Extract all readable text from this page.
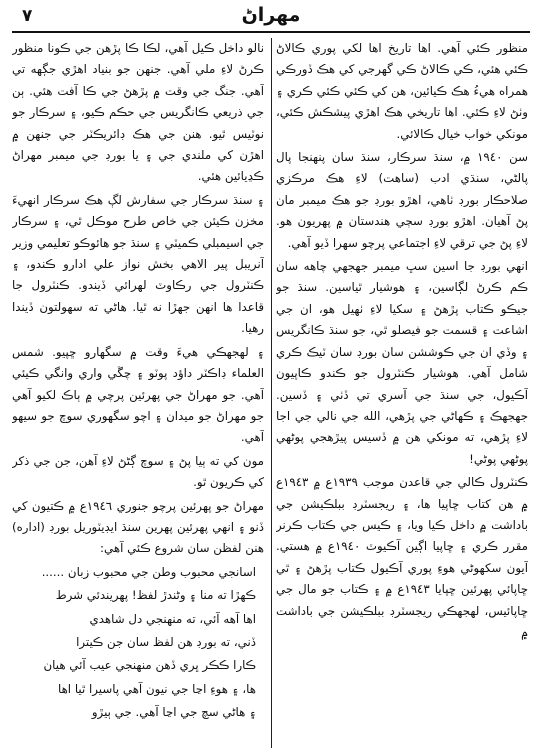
٧	مهراڻ

منظور ڪئي آهي. اها تاريخ اها لکي پوري ڪالاڻ ڪئي هئي، ڪي ڪالاڻ ڪي گهرجي کي هڪ ڏورڪي همراه هيءُ هڪ ڪيائين، هن کي ڪئي ڪئي ڪري ۽ وٺڻ لاءِ ڪئي. اها تاريخي هڪ اهڙي پيشڪش ڪئي، مونکي خواب خيال ڪالائي.

سن ١٩٤٠ ۾، سنڌ سرڪار، سنڌ سان پنهنجا پال پالڻي، سنڌي ادب (ساهت) لاءِ هڪ مرڪزي صلاحڪار بورڊ ٺاهي، اهڙو بورڊ جو هڪ ميمبر مان پڻ آهيان. اهڙو بورڊ سڄي هندستان ۾ پهريون هو. لاءِ پڻ جي ترقي لاءِ اجتماعي پرچو سهرا ڏيو آهي.

انهي بورڊ جا اسين سڀ ميمبر جهجهي چاهه سان ڪم ڪرڻ لڳاسين، ۽ هوشيار ٿياسين. سنڌ جو جيڪو ڪتاب پڙهڻ ۽ سکيا لاءِ ٺهيل هو، ان جي اشاعت ۽ قسمت جو فيصلو ٿي، جو سنڌ ڪانگريس ۽ وڏي ان جي ڪوششن سان بورڊ سان ٽيڪ ڪري شامل آهي. هوشيار ڪنٽرول جو ڪندو ڪاپيون آڪيول، جي سنڌ جي آسري تي ڏٺي ۽ ڏسين. جهجهڪ ۽ ڪهاڻي جي پڙهي، الله جي نالي جي اجا لاءِ پڙهي، ته مونکي هن ۾ ڏسيس پيڙهجي پوڻهي پوڻهي پوڻي!

ڪنٽرول ڪالي جي قاعدن موجب ١٩٣٩ع ۾ ١٩٤٣ع ۾ هن کتاب ڇاپيا ها، ۽ ريجسٽرڊ ببلڪيشن جي باداشت ۾ داخل ڪيا ويا، ۽ ڪيس جي ڪتاب ڪرنر مقرر ڪري ۽ ڇاپيا اڳين آڪيوٽ ١٩٤٠ع ۾ هستي. آيون سکهوڻي هوءِ پوري آڪيول ڪتاب پڙهڻ ۽ ٿي ڇاپائي پهرئين ڇپايا ١٩٤٣ع ۾ ۽ ڪتاب جو مال جي ڇاپائيس، لهجهڪي ريجسٽرڊ ببلڪيشن جي باداشت ۾

نالو داخل ڪيل آهي، لڪا ڪا پڙهن جي ڪونا منظور ڪرڻ لاءِ ملي آهي. جنهن جو بنياد اهڙي جڳهه تي آهي. جنگ جي وقت ۾ پڙهڻ جي ڪا آفت هئي. ٻن جي ذريعي ڪانگريس جي حڪم ڪيو، ۽ سرڪار جو نوٽيس ٿيو. هنن جي هڪ ڊائريڪٽر جي جنهن ۾ اهڙن کي ملندي جي ۽ يا بورڊ جي ميمبر مهراڻ ڪڍيائين هئي.

۽ سنڌ سرڪار جي سفارش لڳ هڪ سرڪار انهيءَ مخزن ڪيئن جي خاص طرح موڪل ٿي، ۽ سرڪار جي اسيمبلي ڪميٽي ۽ سنڌ جو هائوڪو تعليمي وزير آنريبل پير الاهي بخش نواز علي ادارو ڪندو، ۽ ڪنٽرول جي رڪاوٽ لهرائي ڏيندو. ڪنٽرول جا قاعدا ها انهن جهڙا نه ٿيا. هاڻي ته سهولتون ڏيندا رهيا.

۽ لهجهڪي هيءَ وقت ۾ سگهارو ڇپيو. شمس العلماء ڊاڪٽر داؤد پوٽو ۽ چڱي واري وانگي ڪيئي آهي. جو مهراڻ جي پهرئين پرچي ۾ ٻاڪ لکيو آهي جو مهراڻ جو ميدان ۽ اچو سگهوري سوچ جو سيهو آهي.

مون کي ته ٻيا پڻ ۽ سوچ ڳڻڻ لاءِ آهن، جن جي ذکر کي ڪريون ٿو.

مهراڻ جو پهرئين پرچو جنوري ١٩٤٦ع ۾ ڪتيون کي ڏنو ۽ انهي پهرئين پهرين سنڌ ايڊيٽوريل بورڊ (اداره) هنن لفظن سان شروع ڪئي آهي:

اسانجي محبوب وطن جي محبوب زبان ......

ڪهڙا ته منا ۽ وڻندڙ لفظ! پهريندئي شرط

اها آهه آئي، ته منهنجي دل شاهدي

ڏني، ته بورڊ هن لفظ سان جن ڪيترا

ڪارا ڪڪر ڀري ڏهن منهنجي عيب آئي هيان

ها، ۽ هوءِ اڃا جي نيون آهي پاسيرا ٿيا اها

۽ هاڻي سچ جي اڃا آهي. جي ٻيڙو
